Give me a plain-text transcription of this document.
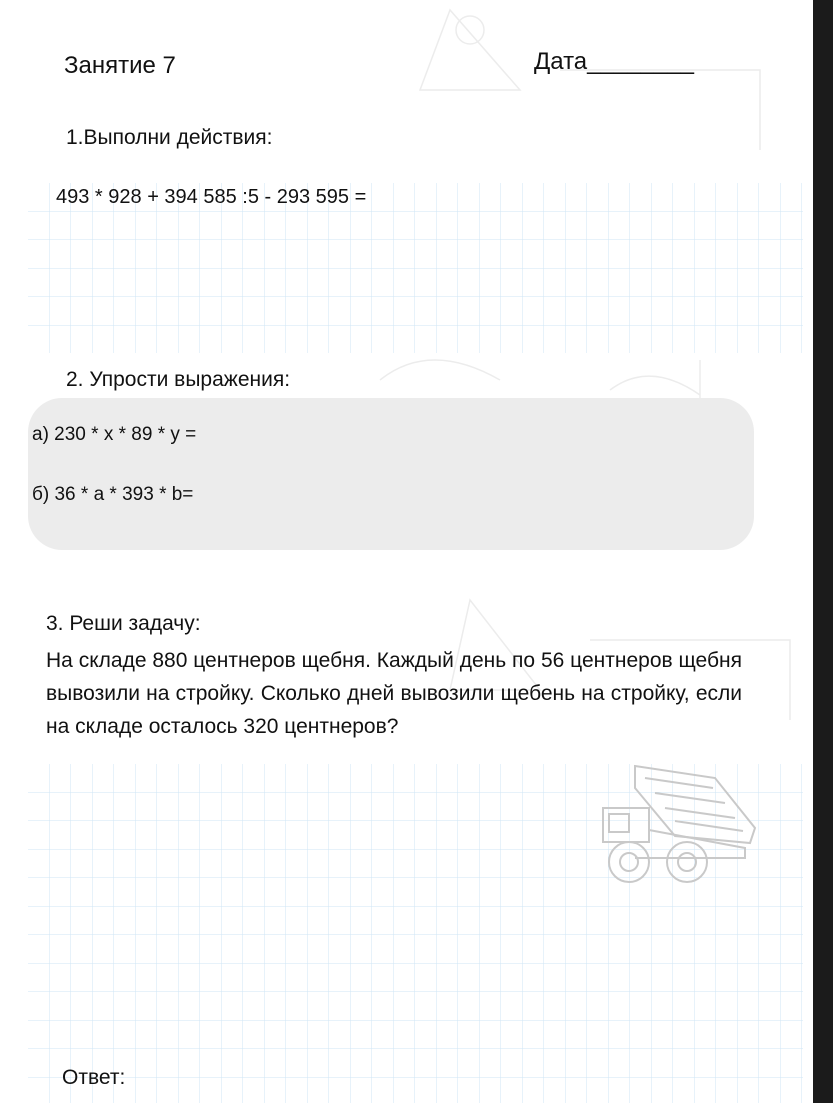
Занятие 7	Дата________
1.Выполни действия:
493 * 928 + 394 585 :5 - 293 595 =
2. Упрости выражения:
а) 230 * х * 89 * у =
б) 36 * а * 393 * b=
3. Реши задачу:
На складе 880 центнеров щебня. Каждый день по 56 центнеров щебня вывозили на стройку. Сколько дней вывозили щебень на стройку, если на складе осталось 320 центнеров?
Ответ:
